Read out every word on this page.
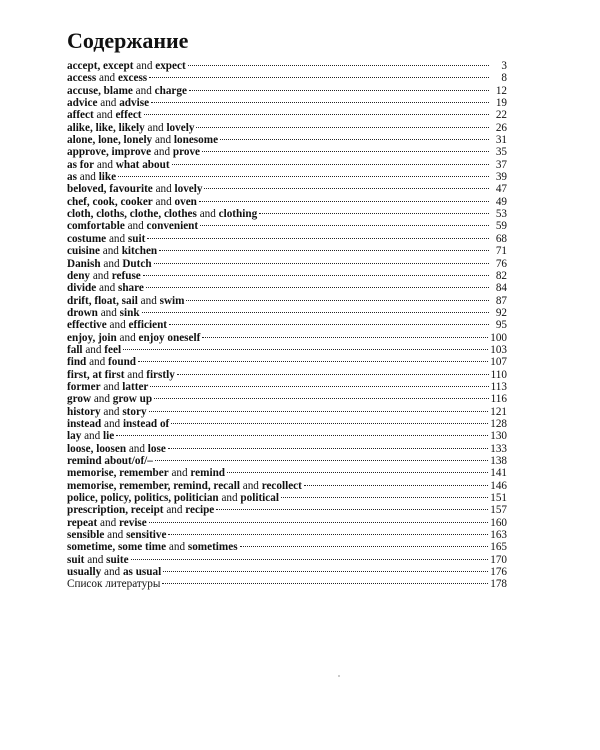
Содержание
accept, except and expect	3
access and excess	8
accuse, blame and charge	12
advice and advise	19
affect and effect	22
alike, like, likely and lovely	26
alone, lone, lonely and lonesome	31
approve, improve and prove	35
as for and what about	37
as and like	39
beloved, favourite and lovely	47
chef, cook, cooker and oven	49
cloth, cloths, clothe, clothes and clothing	53
comfortable and convenient	59
costume and suit	68
cuisine and kitchen	71
Danish and Dutch	76
deny and refuse	82
divide and share	84
drift, float, sail and swim	87
drown and sink	92
effective and efficient	95
enjoy, join and enjoy oneself	100
fall and feel	103
find and found	107
first, at first and firstly	110
former and latter	113
grow and grow up	116
history and story	121
instead and instead of	128
lay and lie	130
loose, loosen and lose	133
remind about/of/–	138
memorise, remember and remind	141
memorise, remember, remind, recall and recollect	146
police, policy, politics, politician and political	151
prescription, receipt and recipe	157
repeat and revise	160
sensible and sensitive	163
sometime, some time and sometimes	165
suit and suite	170
usually and as usual	176
Список литературы	178
